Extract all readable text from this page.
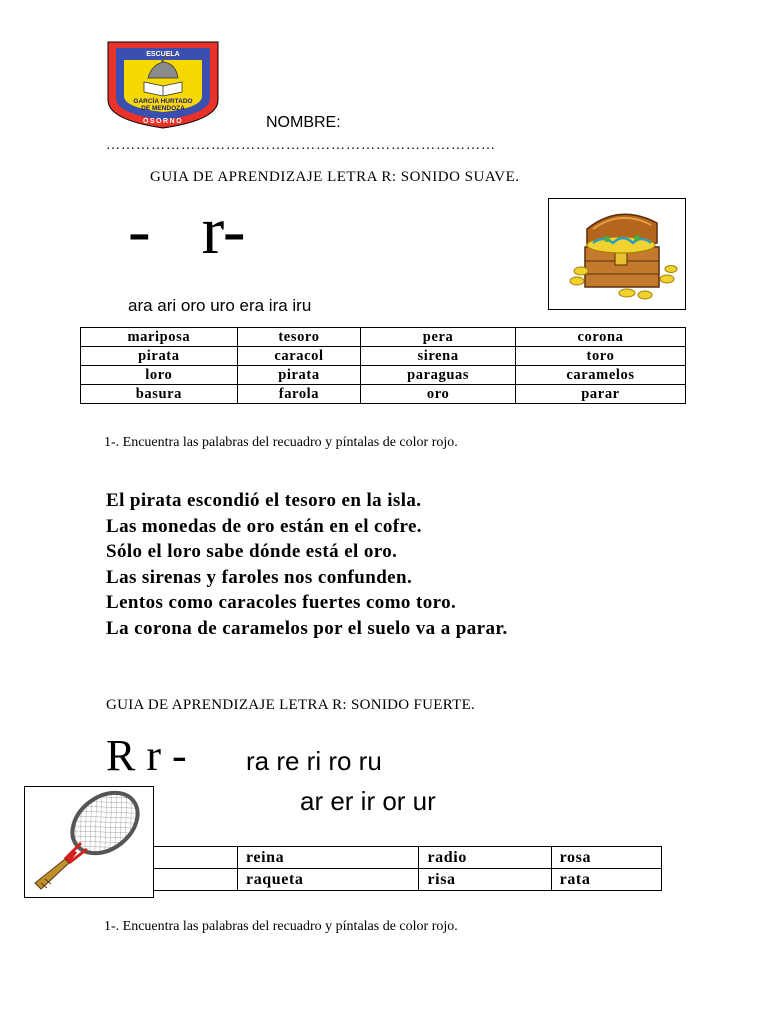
ESCUELA
GARCÍA HURTADO
DE MENDOZA
OSORNO	NOMBRE:
……………………………………………………………………
GUIA DE APRENDIZAJE LETRA R: SONIDO SUAVE.
-   r-
ara ari oro uro era ira iru
mariposa	tesoro	pera	corona
pirata	caracol	sirena	toro
loro	pirata	paraguas	caramelos
basura	farola	oro	parar
1-. Encuentra las palabras del recuadro y píntalas de color rojo.
El pirata escondió el tesoro en la isla.
Las monedas de oro están en el cofre.
Sólo el loro sabe dónde está el oro.
Las sirenas y faroles nos confunden.
Lentos como caracoles fuertes como toro.
La corona de caramelos por el suelo va a parar.
GUIA DE APRENDIZAJE LETRA R: SONIDO FUERTE.
R r - ra re ri ro ru
ar er ir or ur
	reina	radio	rosa
	raqueta	risa	rata
1-. Encuentra las palabras del recuadro y píntalas de color rojo.
